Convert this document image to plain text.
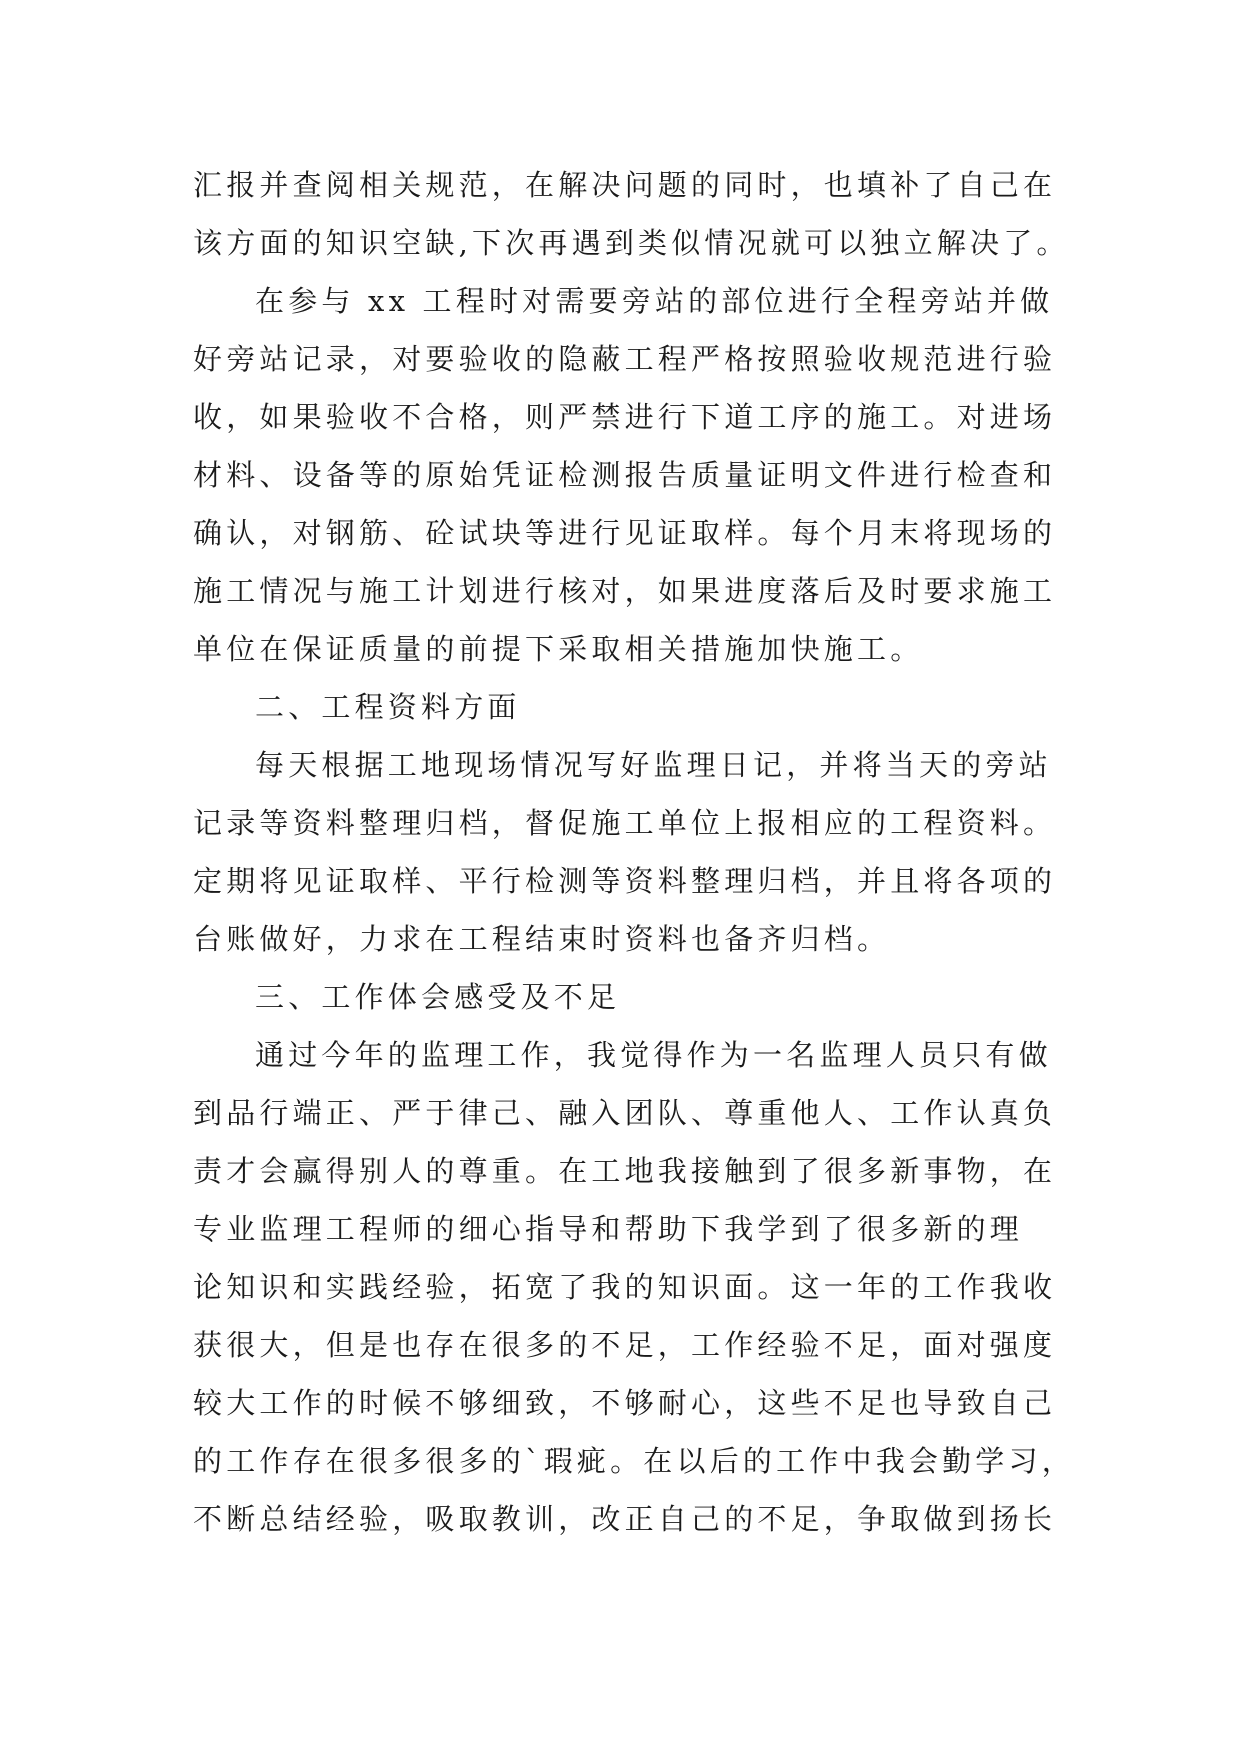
汇报并查阅相关规范，在解决问题的同时，也填补了自己在
该方面的知识空缺,下次再遇到类似情况就可以独立解决了。
在参与 xx 工程时对需要旁站的部位进行全程旁站并做
好旁站记录，对要验收的隐蔽工程严格按照验收规范进行验
收，如果验收不合格，则严禁进行下道工序的施工。对进场
材料、设备等的原始凭证检测报告质量证明文件进行检查和
确认，对钢筋、砼试块等进行见证取样。每个月末将现场的
施工情况与施工计划进行核对，如果进度落后及时要求施工
单位在保证质量的前提下采取相关措施加快施工。
二、工程资料方面
每天根据工地现场情况写好监理日记，并将当天的旁站
记录等资料整理归档，督促施工单位上报相应的工程资料。
定期将见证取样、平行检测等资料整理归档，并且将各项的
台账做好，力求在工程结束时资料也备齐归档。
三、工作体会感受及不足
通过今年的监理工作，我觉得作为一名监理人员只有做
到品行端正、严于律己、融入团队、尊重他人、工作认真负
责才会赢得别人的尊重。在工地我接触到了很多新事物，在
专业监理工程师的细心指导和帮助下我学到了很多新的理
论知识和实践经验，拓宽了我的知识面。这一年的工作我收
获很大，但是也存在很多的不足，工作经验不足，面对强度
较大工作的时候不够细致，不够耐心，这些不足也导致自己
的工作存在很多很多的`瑕疵。在以后的工作中我会勤学习，
不断总结经验，吸取教训，改正自己的不足，争取做到扬长
